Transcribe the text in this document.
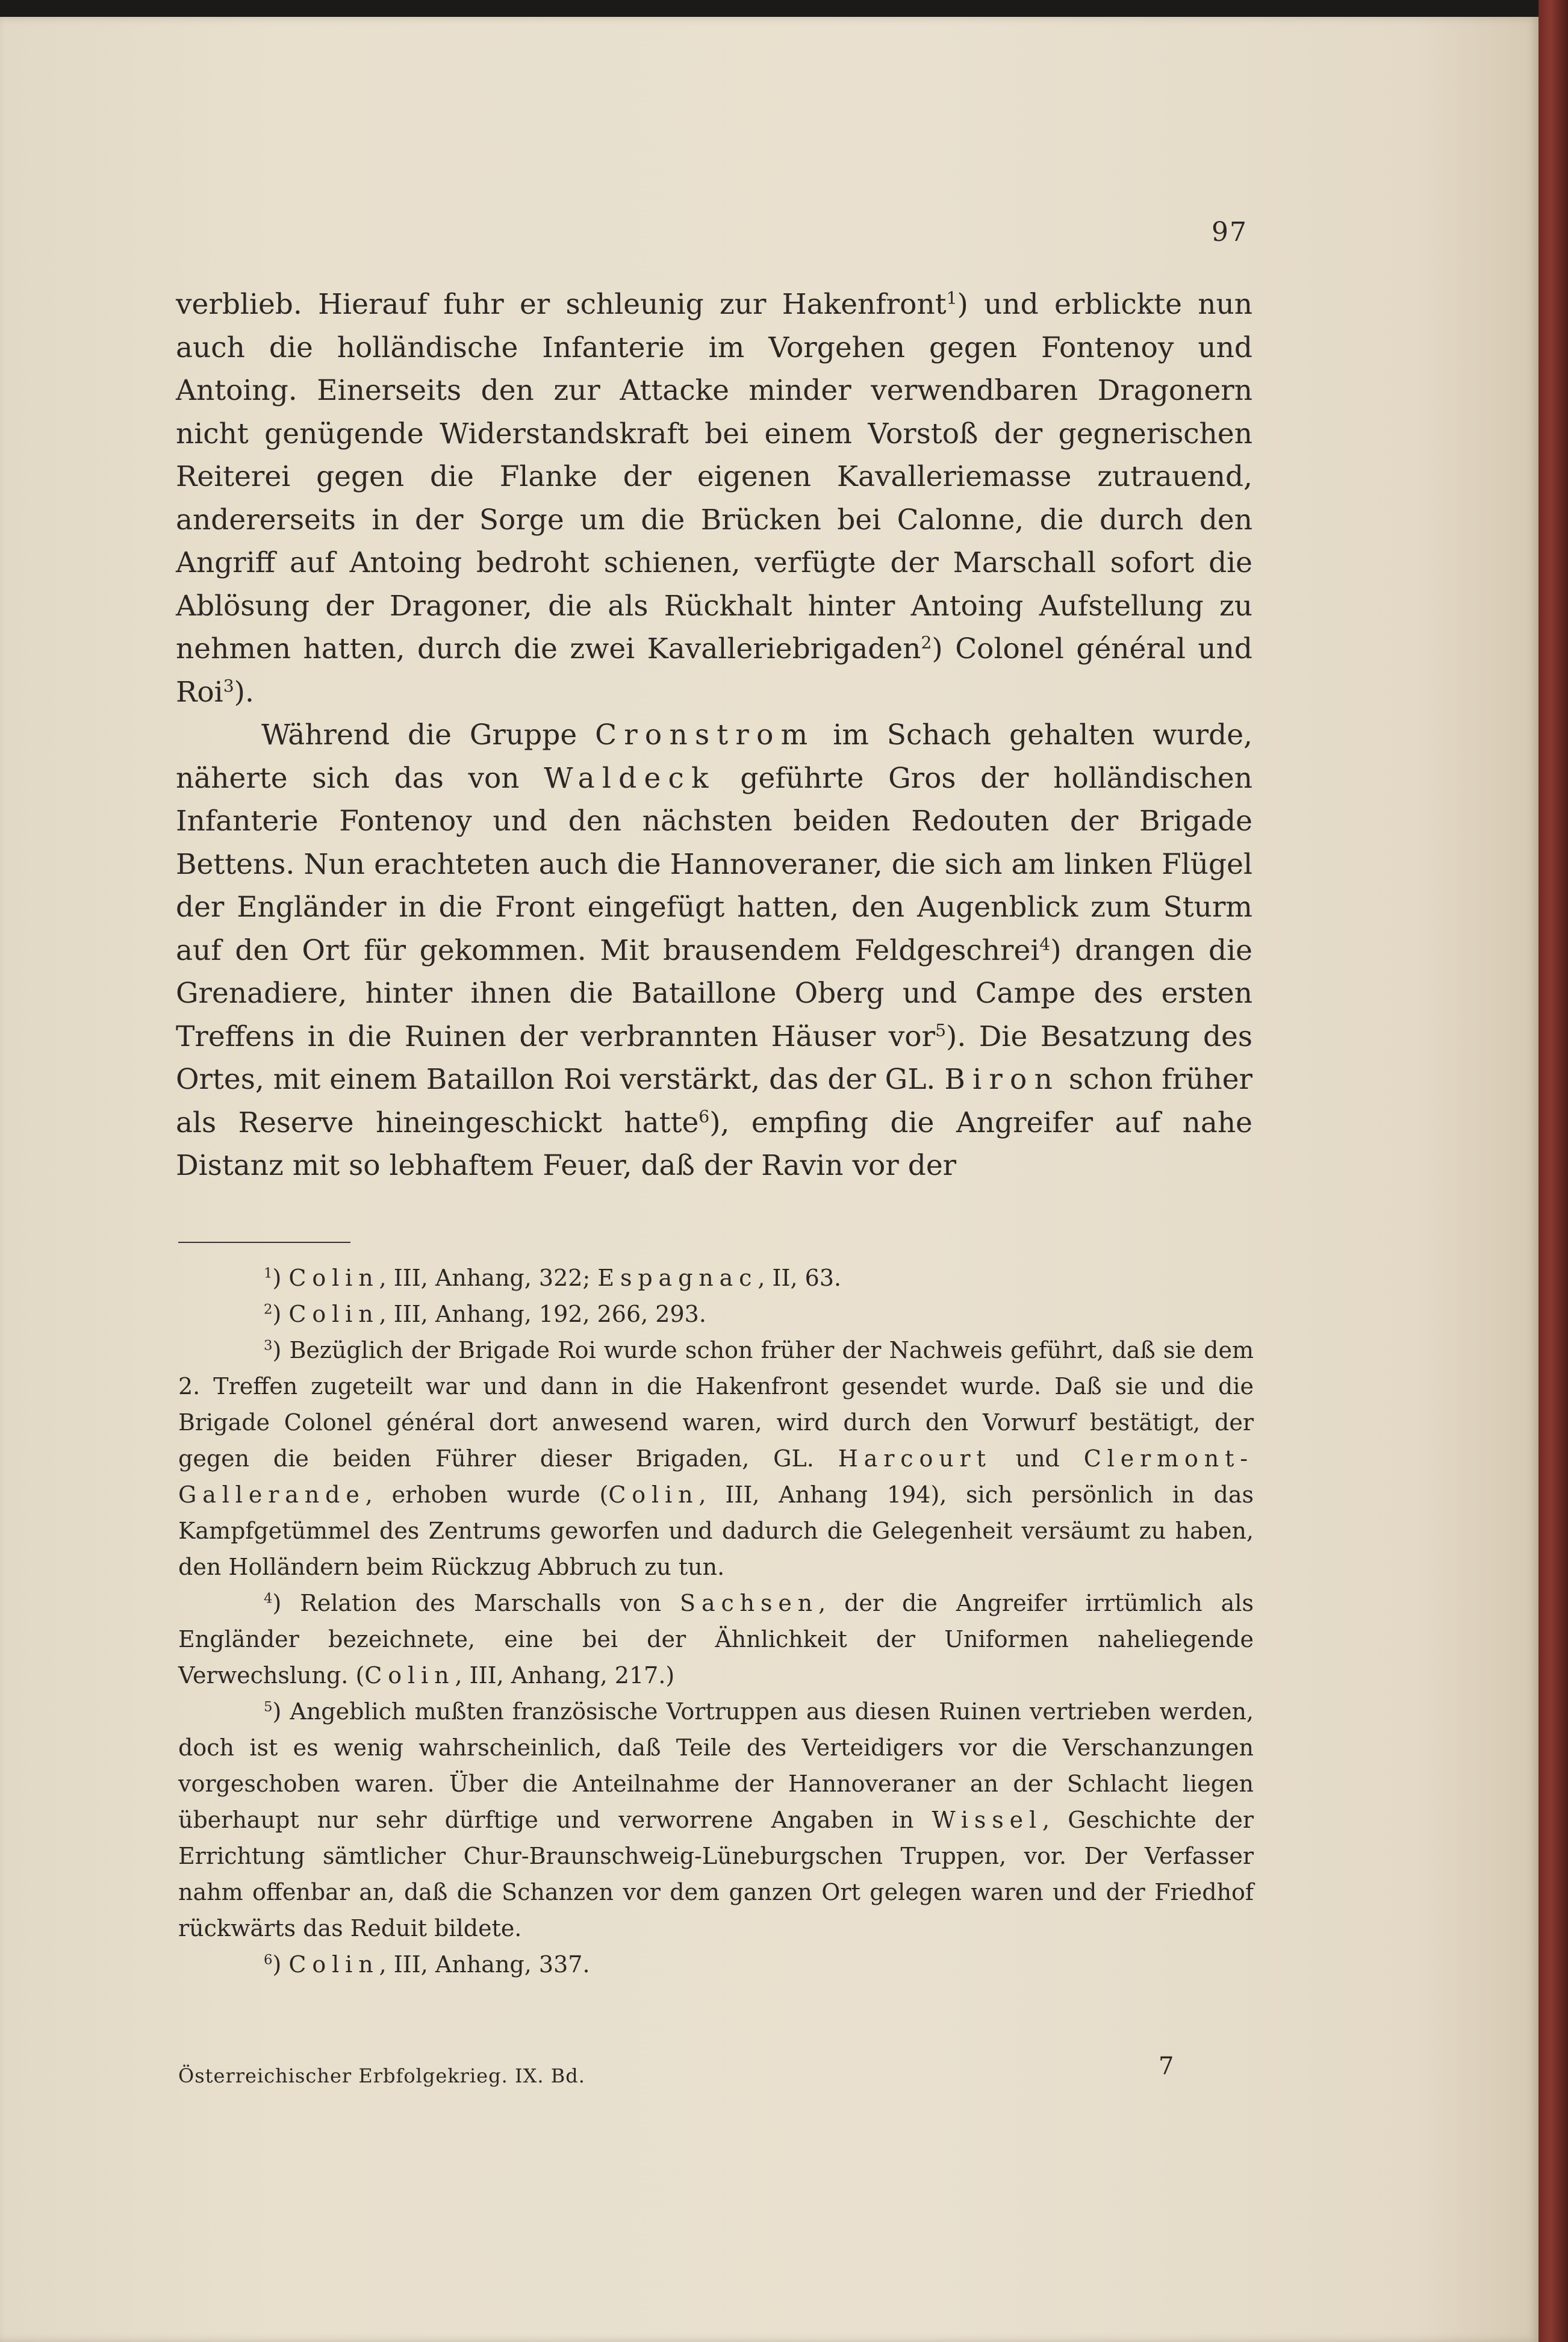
97

verblieb. Hierauf fuhr er schleunig zur Hakenfront$^1$) und erblickte nun auch die holländische Infanterie im Vorgehen gegen Fontenoy und Antoing. Einerseits den zur Attacke minder verwendbaren Dragonern nicht genügende Widerstandskraft bei einem Vorstoß der gegnerischen Reiterei gegen die Flanke der eigenen Kavalleriemasse zutrauend, andererseits in der Sorge um die Brücken bei Calonne, die durch den Angriff auf Antoing bedroht schienen, verfügte der Marschall sofort die Ablösung der Dragoner, die als Rückhalt hinter Antoing Aufstellung zu nehmen hatten, durch die zwei Kavalleriebrigaden$^2$) Colonel général und Roi$^3$).

Während die Gruppe Cronstrom im Schach gehalten wurde, näherte sich das von Waldeck geführte Gros der holländischen Infanterie Fontenoy und den nächsten beiden Redouten der Brigade Bettens. Nun erachteten auch die Hannoveraner, die sich am linken Flügel der Engländer in die Front eingefügt hatten, den Augenblick zum Sturm auf den Ort für gekommen. Mit brausendem Feldgeschrei$^4$) drangen die Grenadiere, hinter ihnen die Bataillone Oberg und Campe des ersten Treffens in die Ruinen der verbrannten Häuser vor$^5$). Die Besatzung des Ortes, mit einem Bataillon Roi verstärkt, das der GL. Biron schon früher als Reserve hineingeschickt hatte$^6$), empfing die Angreifer auf nahe Distanz mit so lebhaftem Feuer, daß der Ravin vor der

$^1$) Colin, III, Anhang, 322; Espagnac, II, 63.

$^2$) Colin, III, Anhang, 192, 266, 293.

$^3$) Bezüglich der Brigade Roi wurde schon früher der Nachweis geführt, daß sie dem 2. Treffen zugeteilt war und dann in die Hakenfront gesendet wurde. Daß sie und die Brigade Colonel général dort anwesend waren, wird durch den Vorwurf bestätigt, der gegen die beiden Führer dieser Brigaden, GL. Harcourt und Clermont-Gallerande, erhoben wurde (Colin, III, Anhang 194), sich persönlich in das Kampfgetümmel des Zentrums geworfen und dadurch die Gelegenheit versäumt zu haben, den Holländern beim Rückzug Abbruch zu tun.

$^4$) Relation des Marschalls von Sachsen, der die Angreifer irrtümlich als Engländer bezeichnete, eine bei der Ähnlichkeit der Uniformen naheliegende Verwechslung. (Colin, III, Anhang, 217.)

$^5$) Angeblich mußten französische Vortruppen aus diesen Ruinen vertrieben werden, doch ist es wenig wahrscheinlich, daß Teile des Verteidigers vor die Verschanzungen vorgeschoben waren. Über die Anteilnahme der Hannoveraner an der Schlacht liegen überhaupt nur sehr dürftige und verworrene Angaben in Wissel, Geschichte der Errichtung sämtlicher Chur-Braunschweig-Lüneburgschen Truppen, vor. Der Verfasser nahm offenbar an, daß die Schanzen vor dem ganzen Ort gelegen waren und der Friedhof rückwärts das Reduit bildete.

$^6$) Colin, III, Anhang, 337.

Österreichischer Erbfolgekrieg. IX. Bd.	7
